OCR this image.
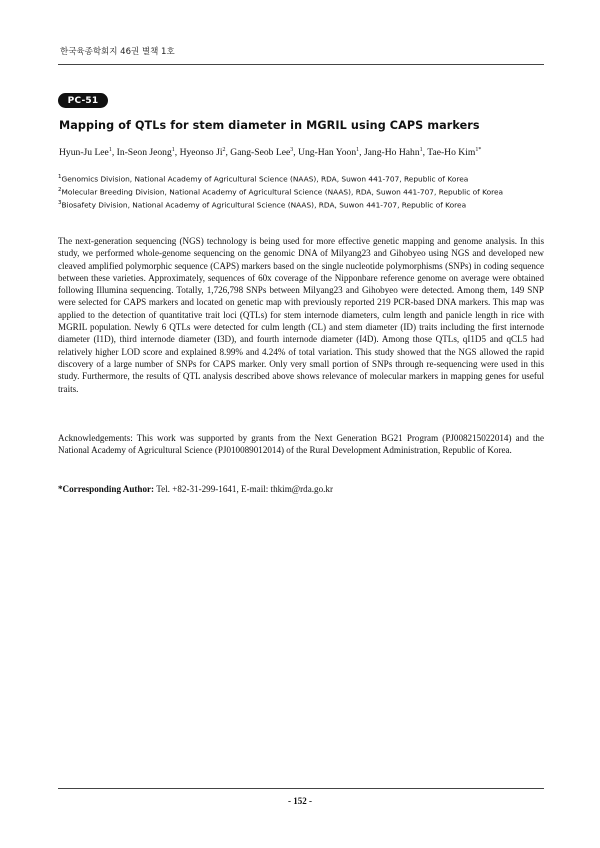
한국육종학회지 46권 별책 1호
PC-51
Mapping of QTLs for stem diameter in MGRIL using CAPS markers
Hyun-Ju Lee$^1$, In-Seon Jeong$^1$, Hyeonso Ji$^2$, Gang-Seob Lee$^3$, Ung-Han Yoon$^1$, Jang-Ho Hahn$^1$, Tae-Ho Kim$^{1*}$
$^1$Genomics Division, National Academy of Agricultural Science (NAAS), RDA, Suwon 441-707, Republic of Korea
$^2$Molecular Breeding Division, National Academy of Agricultural Science (NAAS), RDA, Suwon 441-707, Republic of Korea
$^3$Biosafety Division, National Academy of Agricultural Science (NAAS), RDA, Suwon 441-707, Republic of Korea

The next-generation sequencing (NGS) technology is being used for more effective genetic mapping and genome analysis. In this study, we performed whole-genome sequencing on the genomic DNA of Milyang23 and Gihobyeo using NGS and developed new cleaved amplified polymorphic sequence (CAPS) markers based on the single nucleotide polymorphisms (SNPs) in coding sequence between these varieties. Approximately, sequences of 60x coverage of the Nipponbare reference genome on average were obtained following Illumina sequencing. Totally, 1,726,798 SNPs between Milyang23 and Gihobyeo were detected. Among them, 149 SNP were selected for CAPS markers and located on genetic map with previously reported 219 PCR-based DNA markers. This map was applied to the detection of quantitative trait loci (QTLs) for stem internode diameters, culm length and panicle length in rice with MGRIL population. Newly 6 QTLs were detected for culm length (CL) and stem diameter (ID) traits including the first internode diameter (I1D), third internode diameter (I3D), and fourth internode diameter (I4D). Among those QTLs, qI1D5 and qCL5 had relatively higher LOD score and explained 8.99% and 4.24% of total variation. This study showed that the NGS allowed the rapid discovery of a large number of SNPs for CAPS marker. Only very small portion of SNPs through re-sequencing were used in this study. Furthermore, the results of QTL analysis described above shows relevance of molecular markers in mapping genes for useful traits.

Acknowledgements: This work was supported by grants from the Next Generation BG21 Program (PJ008215022014) and the National Academy of Agricultural Science (PJ010089012014) of the Rural Development Administration, Republic of Korea.

*Corresponding Author: Tel. +82-31-299-1641, E-mail: thkim@rda.go.kr
- 152 -
